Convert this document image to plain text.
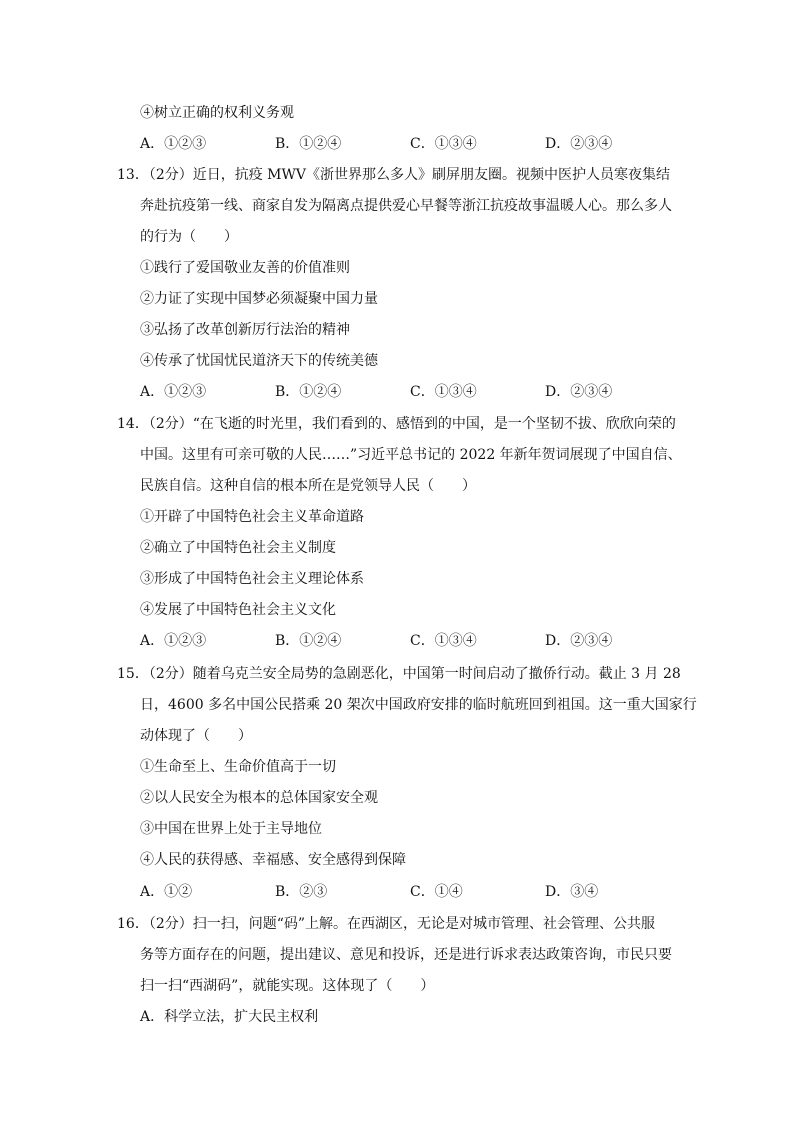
④树立正确的权利义务观
A．①②③	B．①②④	C．①③④	D．②③④
13．（2分）近日，抗疫 MWV《浙世界那么多人》刷屏朋友圈。视频中医护人员寒夜集结
奔赴抗疫第一线、商家自发为隔离点提供爱心早餐等浙江抗疫故事温暖人心。那么多人
的行为（　　）
①践行了爱国敬业友善的价值准则
②力证了实现中国梦必须凝聚中国力量
③弘扬了改革创新厉行法治的精神
④传承了忧国忧民道济天下的传统美德
A．①②③	B．①②④	C．①③④	D．②③④
14．（2分）“在飞逝的时光里，我们看到的、感悟到的中国，是一个坚韧不拔、欣欣向荣的
中国。这里有可亲可敬的人民……”习近平总书记的 2022 年新年贺词展现了中国自信、
民族自信。这种自信的根本所在是党领导人民（　　）
①开辟了中国特色社会主义革命道路
②确立了中国特色社会主义制度
③形成了中国特色社会主义理论体系
④发展了中国特色社会主义文化
A．①②③	B．①②④	C．①③④	D．②③④
15．（2分）随着乌克兰安全局势的急剧恶化，中国第一时间启动了撤侨行动。截止 3 月 28
日，4600 多名中国公民搭乘 20 架次中国政府安排的临时航班回到祖国。这一重大国家行
动体现了（　　）
①生命至上、生命价值高于一切
②以人民安全为根本的总体国家安全观
③中国在世界上处于主导地位
④人民的获得感、幸福感、安全感得到保障
A．①②	B．②③	C．①④	D．③④
16．（2分）扫一扫，问题“码”上解。在西湖区，无论是对城市管理、社会管理、公共服
务等方面存在的问题，提出建议、意见和投诉，还是进行诉求表达政策咨询，市民只要
扫一扫“西湖码”，就能实现。这体现了（　　）
A．科学立法，扩大民主权利
